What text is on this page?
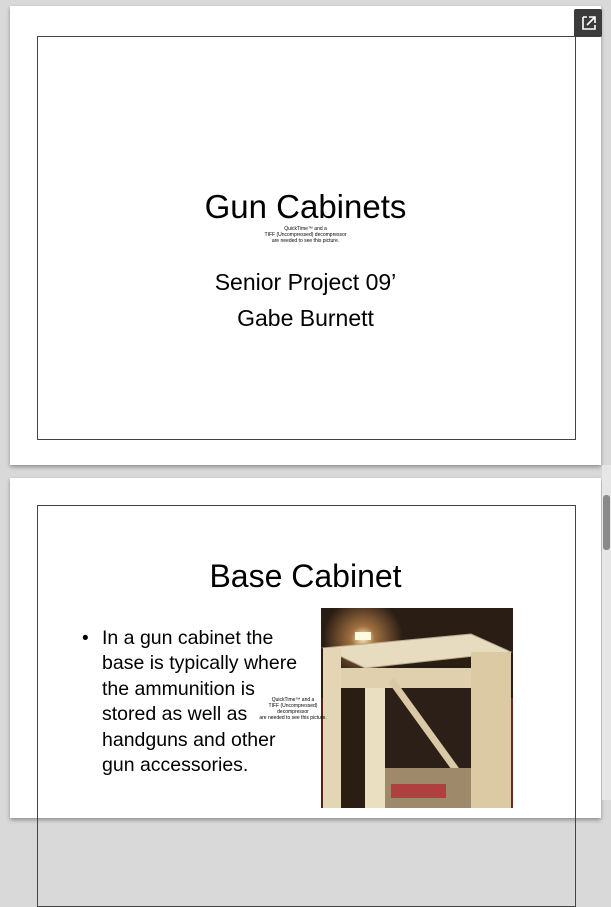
Gun Cabinets
QuickTime™ and a
TIFF (Uncompressed) decompressor
are needed to see this picture.
Senior Project 09’
Gabe Burnett
Base Cabinet
• In a gun cabinet the base is typically where the ammunition is stored as well as handguns and other gun accessories.
QuickTime™ and a
TIFF (Uncompressed) decompressor
are needed to see this picture.
